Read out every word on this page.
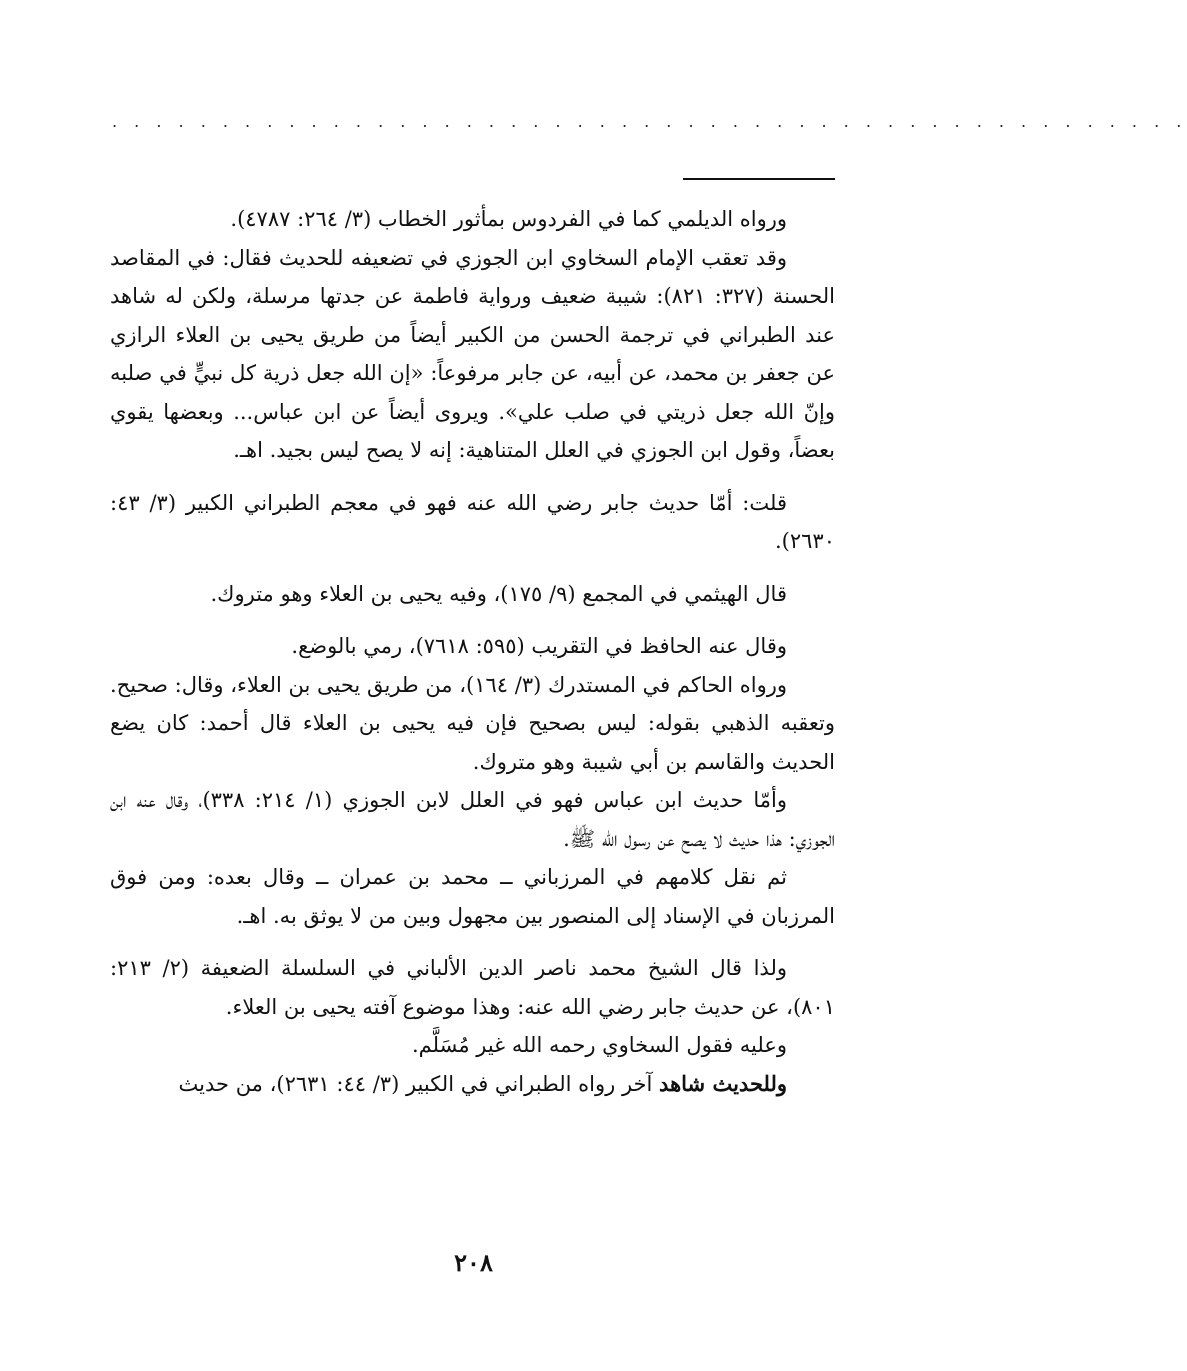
. . . . . . . . . . . . . . . . . . . . . . . . . . . . . . . . . . . . . . . . . . . . . . . . .

ورواه الديلمي كما في الفردوس بمأثور الخطاب (٣/ ٢٦٤: ٤٧٨٧).

وقد تعقب الإمام السخاوي ابن الجوزي في تضعيفه للحديث فقال: في المقاصد الحسنة (٣٢٧: ٨٢١): شيبة ضعيف ورواية فاطمة عن جدتها مرسلة، ولكن له شاهد عند الطبراني في ترجمة الحسن من الكبير أيضاً من طريق يحيى بن العلاء الرازي عن جعفر بن محمد، عن أبيه، عن جابر مرفوعاً: «إن الله جعل ذرية كل نبيٍّ في صلبه وإنّ الله جعل ذريتي في صلب علي». ويروى أيضاً عن ابن عباس... وبعضها يقوي بعضاً، وقول ابن الجوزي في العلل المتناهية: إنه لا يصح ليس بجيد. اهـ.

قلت: أمّا حديث جابر رضي الله عنه فهو في معجم الطبراني الكبير (٣/ ٤٣: ٢٦٣٠).

قال الهيثمي في المجمع (٩/ ١٧٥)، وفيه يحيى بن العلاء وهو متروك.

وقال عنه الحافظ في التقريب (٥٩٥: ٧٦١٨)، رمي بالوضع.

ورواه الحاكم في المستدرك (٣/ ١٦٤)، من طريق يحيى بن العلاء، وقال: صحيح. وتعقبه الذهبي بقوله: ليس بصحيح فإن فيه يحيى بن العلاء قال أحمد: كان يضع الحديث والقاسم بن أبي شيبة وهو متروك.

وأمّا حديث ابن عباس فهو في العلل لابن الجوزي (١/ ٢١٤: ٣٣٨)، وقال عنه ابن الجوزي: هذا حديث لا يصح عن رسول الله ﷺ.

ثم نقل كلامهم في المرزباني ــ محمد بن عمران ــ وقال بعده: ومن فوق المرزبان في الإسناد إلى المنصور بين مجهول وبين من لا يوثق به. اهـ.

ولذا قال الشيخ محمد ناصر الدين الألباني في السلسلة الضعيفة (٢/ ٢١٣: ٨٠١)، عن حديث جابر رضي الله عنه: وهذا موضوع آفته يحيى بن العلاء.

وعليه فقول السخاوي رحمه الله غير مُسَلَّم.

وللحديث شاهد آخر رواه الطبراني في الكبير (٣/ ٤٤: ٢٦٣١)، من حديث

٢٠٨
